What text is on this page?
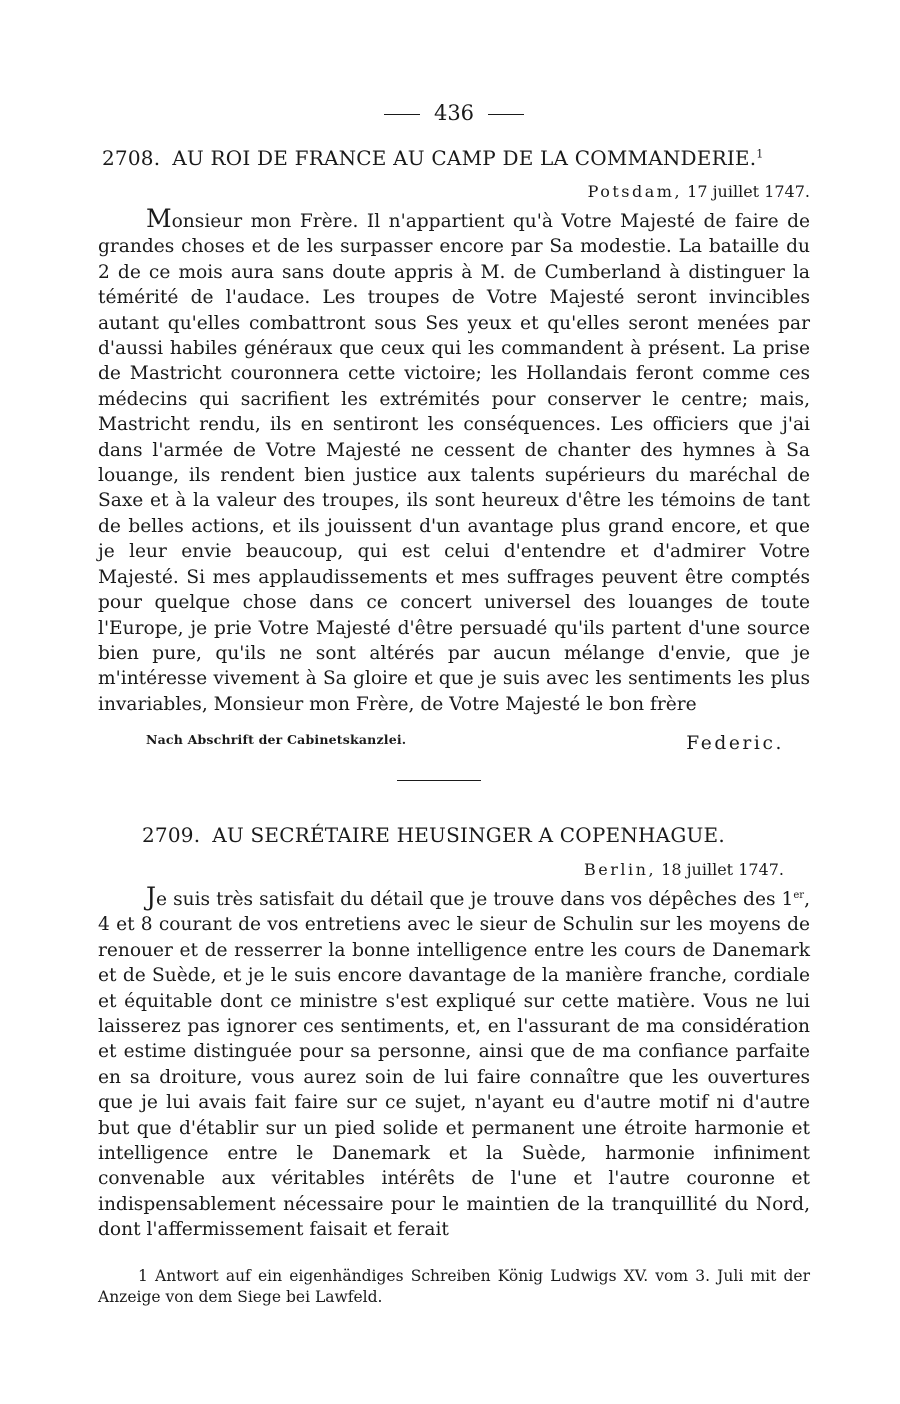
436
2708. AU ROI DE FRANCE AU CAMP DE LA COMMANDERIE.$^1$
Potsdam, 17 juillet 1747.
Monsieur mon Frère. Il n'appartient qu'à Votre Majesté de faire de grandes choses et de les surpasser encore par Sa modestie. La bataille du 2 de ce mois aura sans doute appris à M. de Cumberland à distinguer la témérité de l'audace. Les troupes de Votre Majesté seront invincibles autant qu'elles combattront sous Ses yeux et qu'elles seront menées par d'aussi habiles généraux que ceux qui les commandent à présent. La prise de Mastricht couronnera cette victoire; les Hollandais feront comme ces médecins qui sacrifient les extrémités pour conserver le centre; mais, Mastricht rendu, ils en sentiront les conséquences. Les officiers que j'ai dans l'armée de Votre Majesté ne cessent de chanter des hymnes à Sa louange, ils rendent bien justice aux talents supérieurs du maréchal de Saxe et à la valeur des troupes, ils sont heureux d'être les témoins de tant de belles actions, et ils jouissent d'un avantage plus grand encore, et que je leur envie beaucoup, qui est celui d'entendre et d'admirer Votre Majesté. Si mes applaudissements et mes suffrages peuvent être comptés pour quelque chose dans ce concert universel des louanges de toute l'Europe, je prie Votre Majesté d'être persuadé qu'ils partent d'une source bien pure, qu'ils ne sont altérés par aucun mélange d'envie, que je m'intéresse vivement à Sa gloire et que je suis avec les sentiments les plus invariables, Monsieur mon Frère, de Votre Majesté le bon frère
Nach Abschrift der Cabinetskanzlei.	Federic.
2709. AU SECRÉTAIRE HEUSINGER A COPENHAGUE.
Berlin, 18 juillet 1747.
Je suis très satisfait du détail que je trouve dans vos dépêches des 1er, 4 et 8 courant de vos entretiens avec le sieur de Schulin sur les moyens de renouer et de resserrer la bonne intelligence entre les cours de Danemark et de Suède, et je le suis encore davantage de la manière franche, cordiale et équitable dont ce ministre s'est expliqué sur cette matière. Vous ne lui laisserez pas ignorer ces sentiments, et, en l'assurant de ma considération et estime distinguée pour sa personne, ainsi que de ma confiance parfaite en sa droiture, vous aurez soin de lui faire connaître que les ouvertures que je lui avais fait faire sur ce sujet, n'ayant eu d'autre motif ni d'autre but que d'établir sur un pied solide et permanent une étroite harmonie et intelligence entre le Danemark et la Suède, harmonie infiniment convenable aux véritables intérêts de l'une et l'autre couronne et indispensablement nécessaire pour le maintien de la tranquillité du Nord, dont l'affermissement faisait et ferait
1 Antwort auf ein eigenhändiges Schreiben König Ludwigs XV. vom 3. Juli mit der Anzeige von dem Siege bei Lawfeld.
